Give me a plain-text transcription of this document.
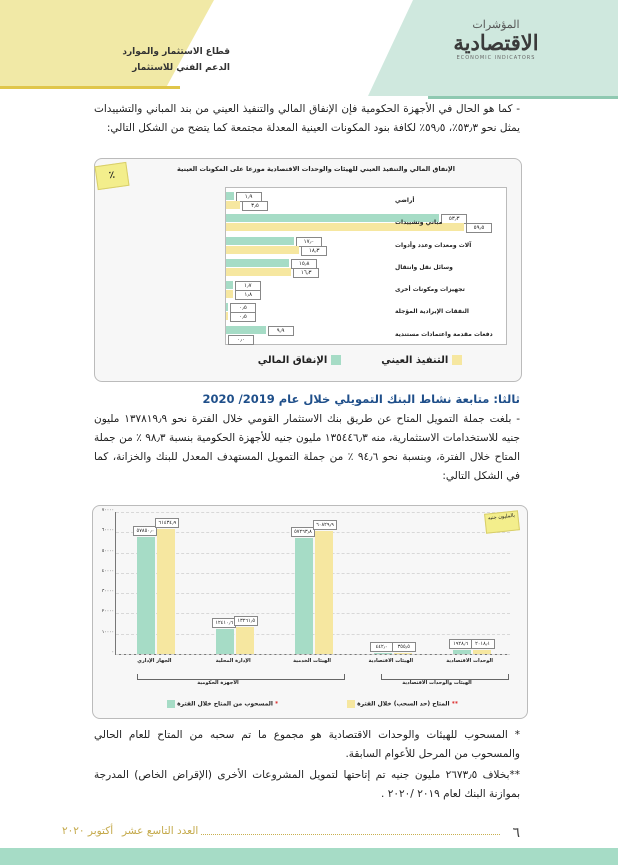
قطاع الاستثمار والموارد
الدعم الفني للاستثمار
المؤشرات
الاقتصادية
ECONOMIC INDICATORS
- كما هو الحال في الأجهزة الحكومية فإن الإنفاق المالي والتنفيذ العيني من بند المباني والتشييدات يمثل نحو ٥٣٫٣٪، ٥٩٫٥٪ لكافة بنود المكونات العينية المعدلة مجتمعة كما يتضح من الشكل التالي:
الإنفاق المالي والتنفيذ العيني للهيئات والوحدات الاقتصادية موزعا على المكونات العينية
١٫٩
٣٫٥
٥٣٫٣
٥٩٫٥
١٧٫٠
١٨٫٣
١٥٫٨
١٦٫٣
١٫٧
١٫٨
٠٫٥
٠٫٥
٩٫٩
٠٫٠
أراضي
مباني وتشييدات
آلات ومعدات وعدد وأدوات
وسائل نقل وانتقال
تجهيزات ومكونات أخرى
النفقات الإيرادية المؤجلة
دفعات مقدمة واعتمادات مستندية
التنفيذ العيني
الإنفاق المالي
٪
ثالثا: متابعة نشاط البنك التمويلي خلال عام 2019/ 2020
- بلغت جملة التمويل المتاح عن طريق بنك الاستثمار القومي خلال الفترة نحو ١٣٧٨١٩٫٩ مليون جنيه للاستخدامات الاستثمارية، منه ١٣٥٤٤٦٫٣ مليون جنيه للأجهزة الحكومية بنسبة ٩٨٫٣ ٪ من جملة المتاح خلال الفترة، وبنسبة نحو ٩٤٫٦ ٪ من جملة التمويل المستهدف المعدل للبنك والخزانة، كما في الشكل التالي:
٠
١٠٠٠٠
٢٠٠٠٠
٣٠٠٠٠
٤٠٠٠٠
٥٠٠٠٠
٦٠٠٠٠
٧٠٠٠٠
٥٧٨٥٠٫٠
٦١٤٣٤٫٩
١٢٤١٠٫٦ ١٣٢٦١٫٥
٥٧٢٦٣٫٨
٦٠٨٢٩٫٩
٤٤٢٫٠	٣٥٥٫٥
١٩٢٨٫٦	٢٠١٨٫١
الجهاز الإداري	الإدارة المحلية	الهيئات الخدمية	الهيئات الاقتصادية	الوحدات الاقتصادية
بالمليون جنيه
الأجهزة الحكومية	الهيئات والوحدات الاقتصادية
* المسحوب من المتاح خلال الفترة	** المتاح (حد السحب) خلال الفترة
* المسحوب للهيئات والوحدات الاقتصادية هو مجموع ما تم سحبه من المتاح للعام الحالي والمسحوب من المرحل للأعوام السابقة.
**بخلاف ٢٦٧٣٫٥ مليون جنيه تم إتاحتها لتمويل المشروعات الأخرى (الإقراض الخاص) المدرجة بموازنة البنك لعام ٢٠١٩ /٢٠٢٠ .
٦
العدد التاسع عشر
أكتوبر ٢٠٢٠
